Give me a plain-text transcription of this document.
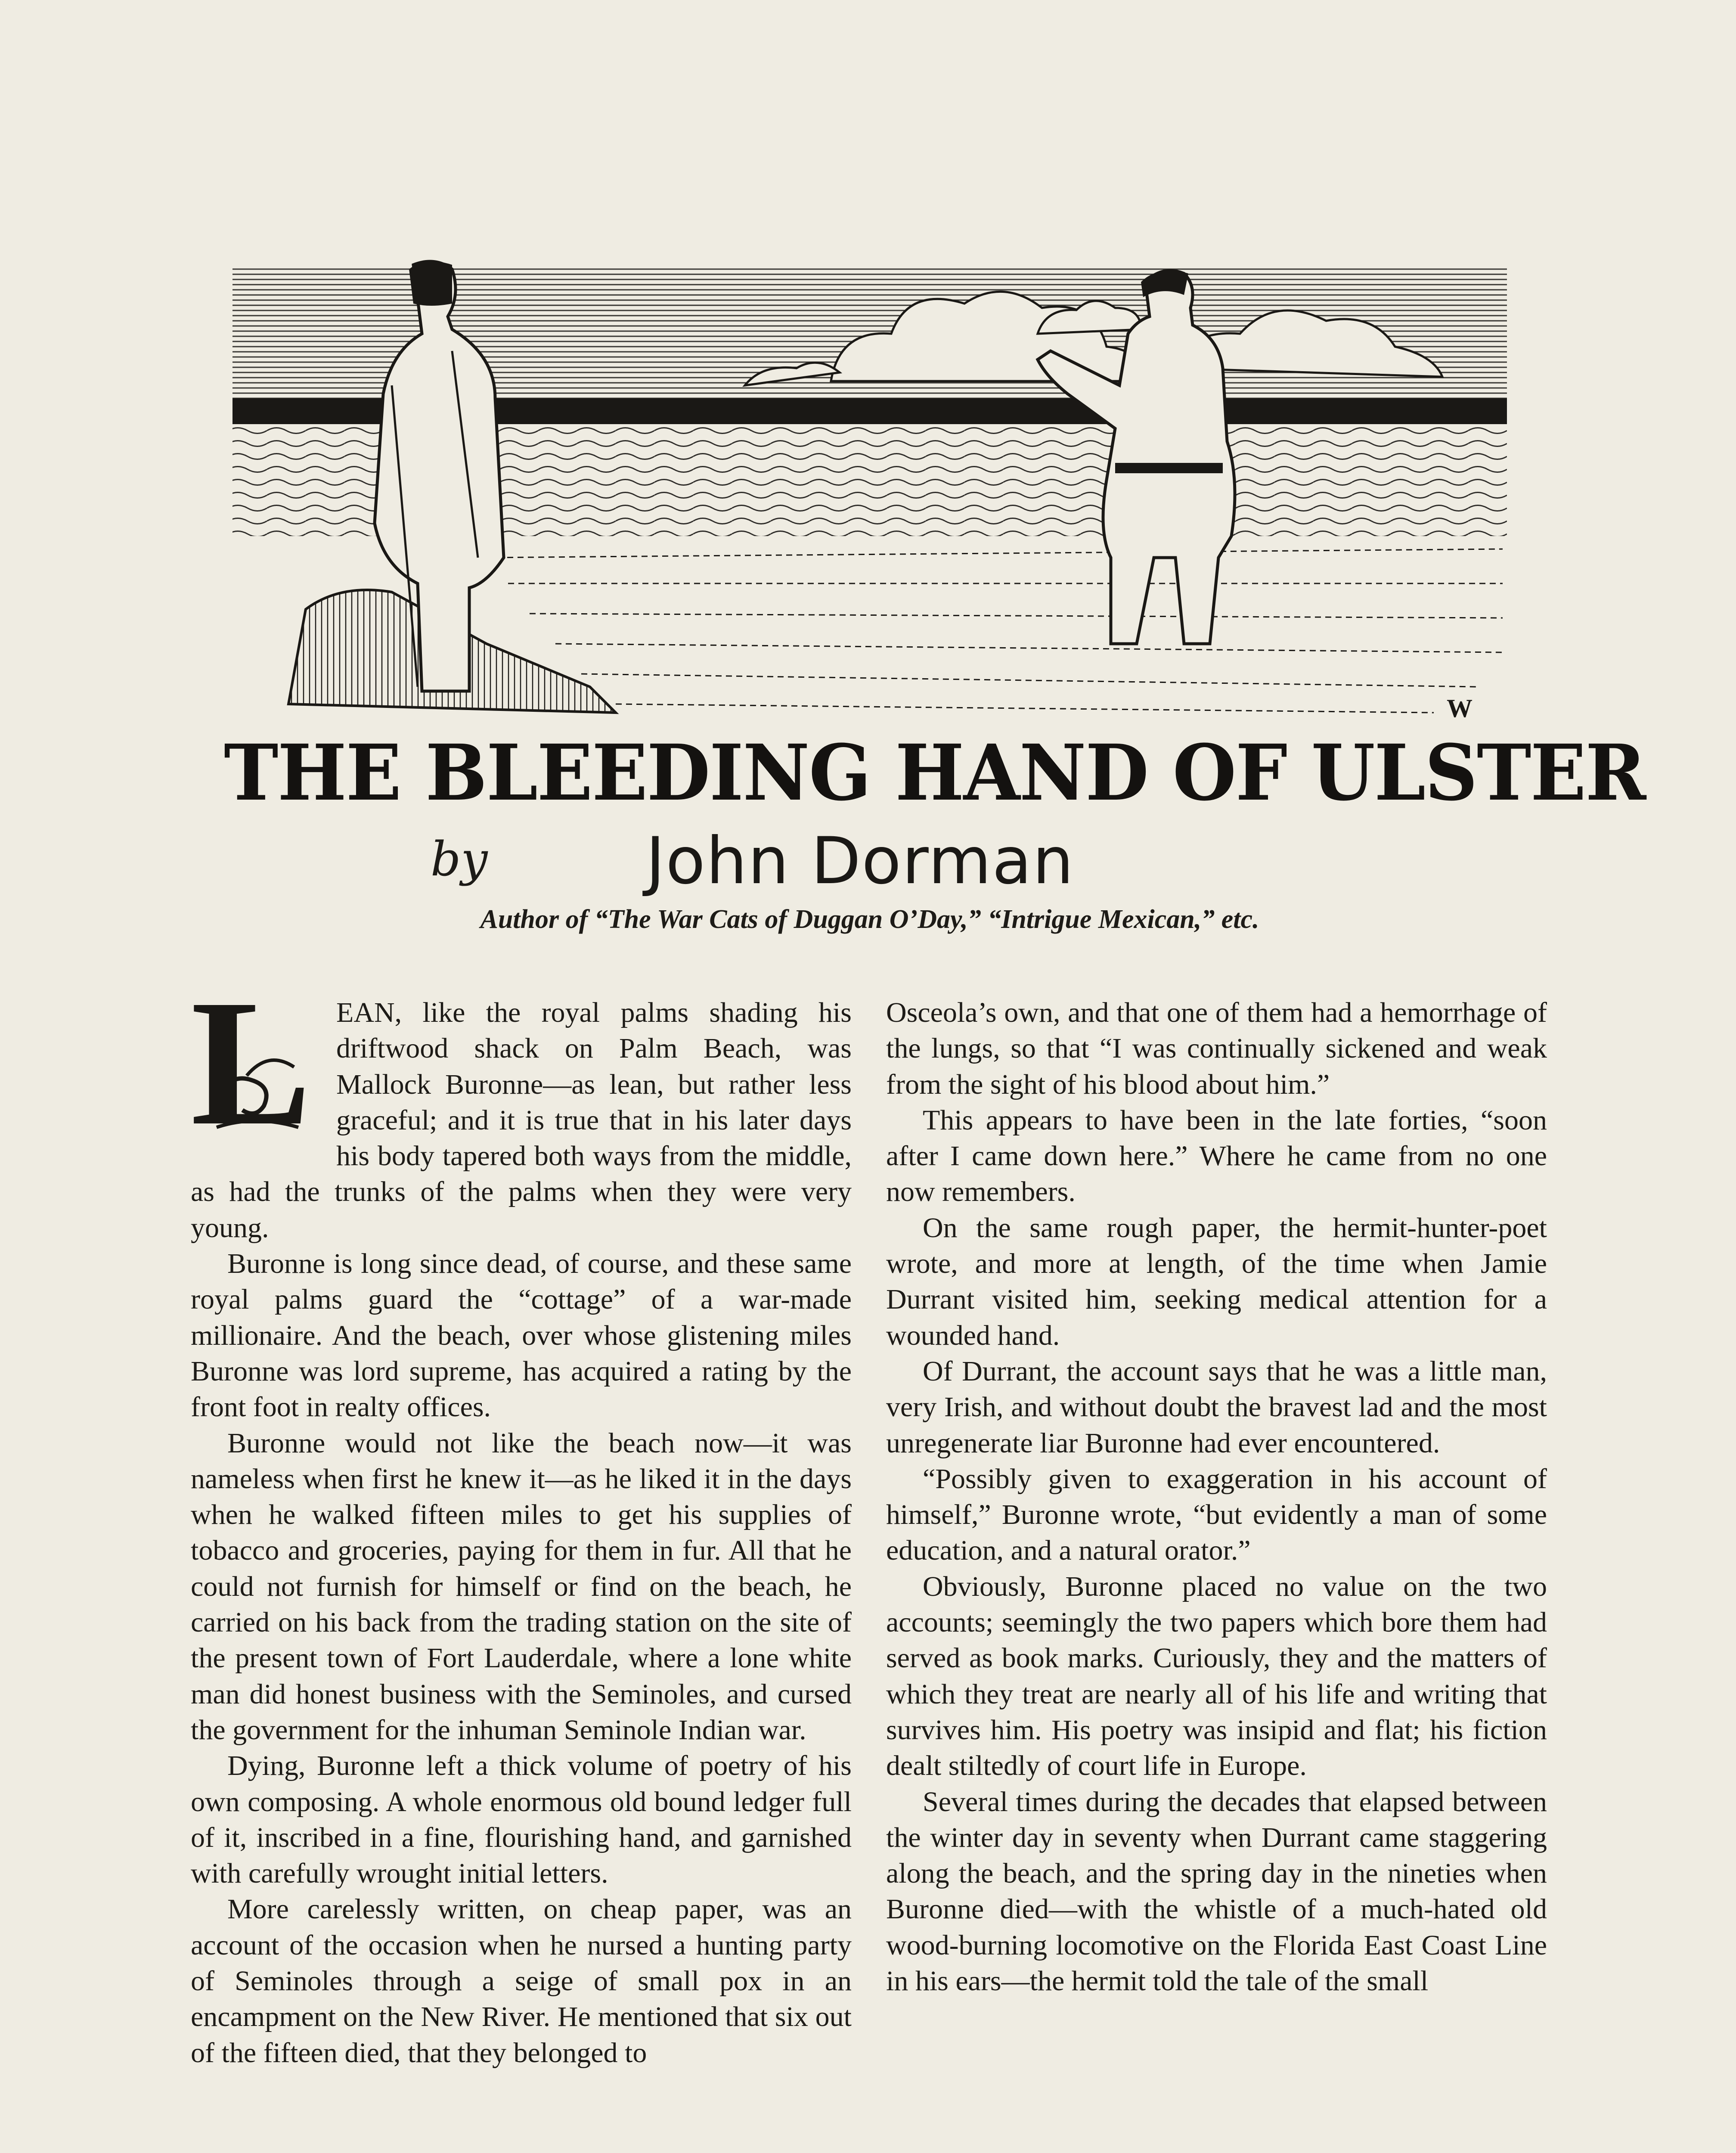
W
THE BLEEDING HAND OF ULSTER
by	John Dorman
Author of “The War Cats of Duggan O’Day,” “Intrigue Mexican,” etc.

L EAN, like the royal palms shading his driftwood shack on Palm Beach, was Mallock Buronne—as lean, but rather less graceful; and it is true that in his later days his body tapered both ways from the middle, as had the trunks of the palms when they were very young.

Buronne is long since dead, of course, and these same royal palms guard the “cottage” of a war-made millionaire. And the beach, over whose glistening miles Buronne was lord supreme, has acquired a rating by the front foot in realty offices.

Buronne would not like the beach now—it was nameless when first he knew it—as he liked it in the days when he walked fifteen miles to get his supplies of tobacco and groceries, paying for them in fur. All that he could not furnish for himself or find on the beach, he carried on his back from the trading station on the site of the present town of Fort Lauderdale, where a lone white man did honest business with the Seminoles, and cursed the government for the inhuman Seminole Indian war.

Dying, Buronne left a thick volume of poetry of his own composing. A whole enormous old bound ledger full of it, inscribed in a fine, flourishing hand, and garnished with carefully wrought initial letters.

More carelessly written, on cheap paper, was an account of the occasion when he nursed a hunting party of Seminoles through a seige of small pox in an encampment on the New River. He mentioned that six out of the fifteen died, that they belonged to

Osceola’s own, and that one of them had a hemorrhage of the lungs, so that “I was continually sickened and weak from the sight of his blood about him.”

This appears to have been in the late forties, “soon after I came down here.” Where he came from no one now remembers.

On the same rough paper, the hermit-hunter-poet wrote, and more at length, of the time when Jamie Durrant visited him, seeking medical attention for a wounded hand.

Of Durrant, the account says that he was a little man, very Irish, and without doubt the bravest lad and the most unregenerate liar Buronne had ever encountered.

“Possibly given to exaggeration in his account of himself,” Buronne wrote, “but evidently a man of some education, and a natural orator.”

Obviously, Buronne placed no value on the two accounts; seemingly the two papers which bore them had served as book marks. Curiously, they and the matters of which they treat are nearly all of his life and writing that survives him. His poetry was insipid and flat; his fiction dealt stiltedly of court life in Europe.

Several times during the decades that elapsed between the winter day in seventy when Durrant came staggering along the beach, and the spring day in the nineties when Buronne died—with the whistle of a much-hated old wood-burning locomotive on the Florida East Coast Line in his ears—the hermit told the tale of the small
